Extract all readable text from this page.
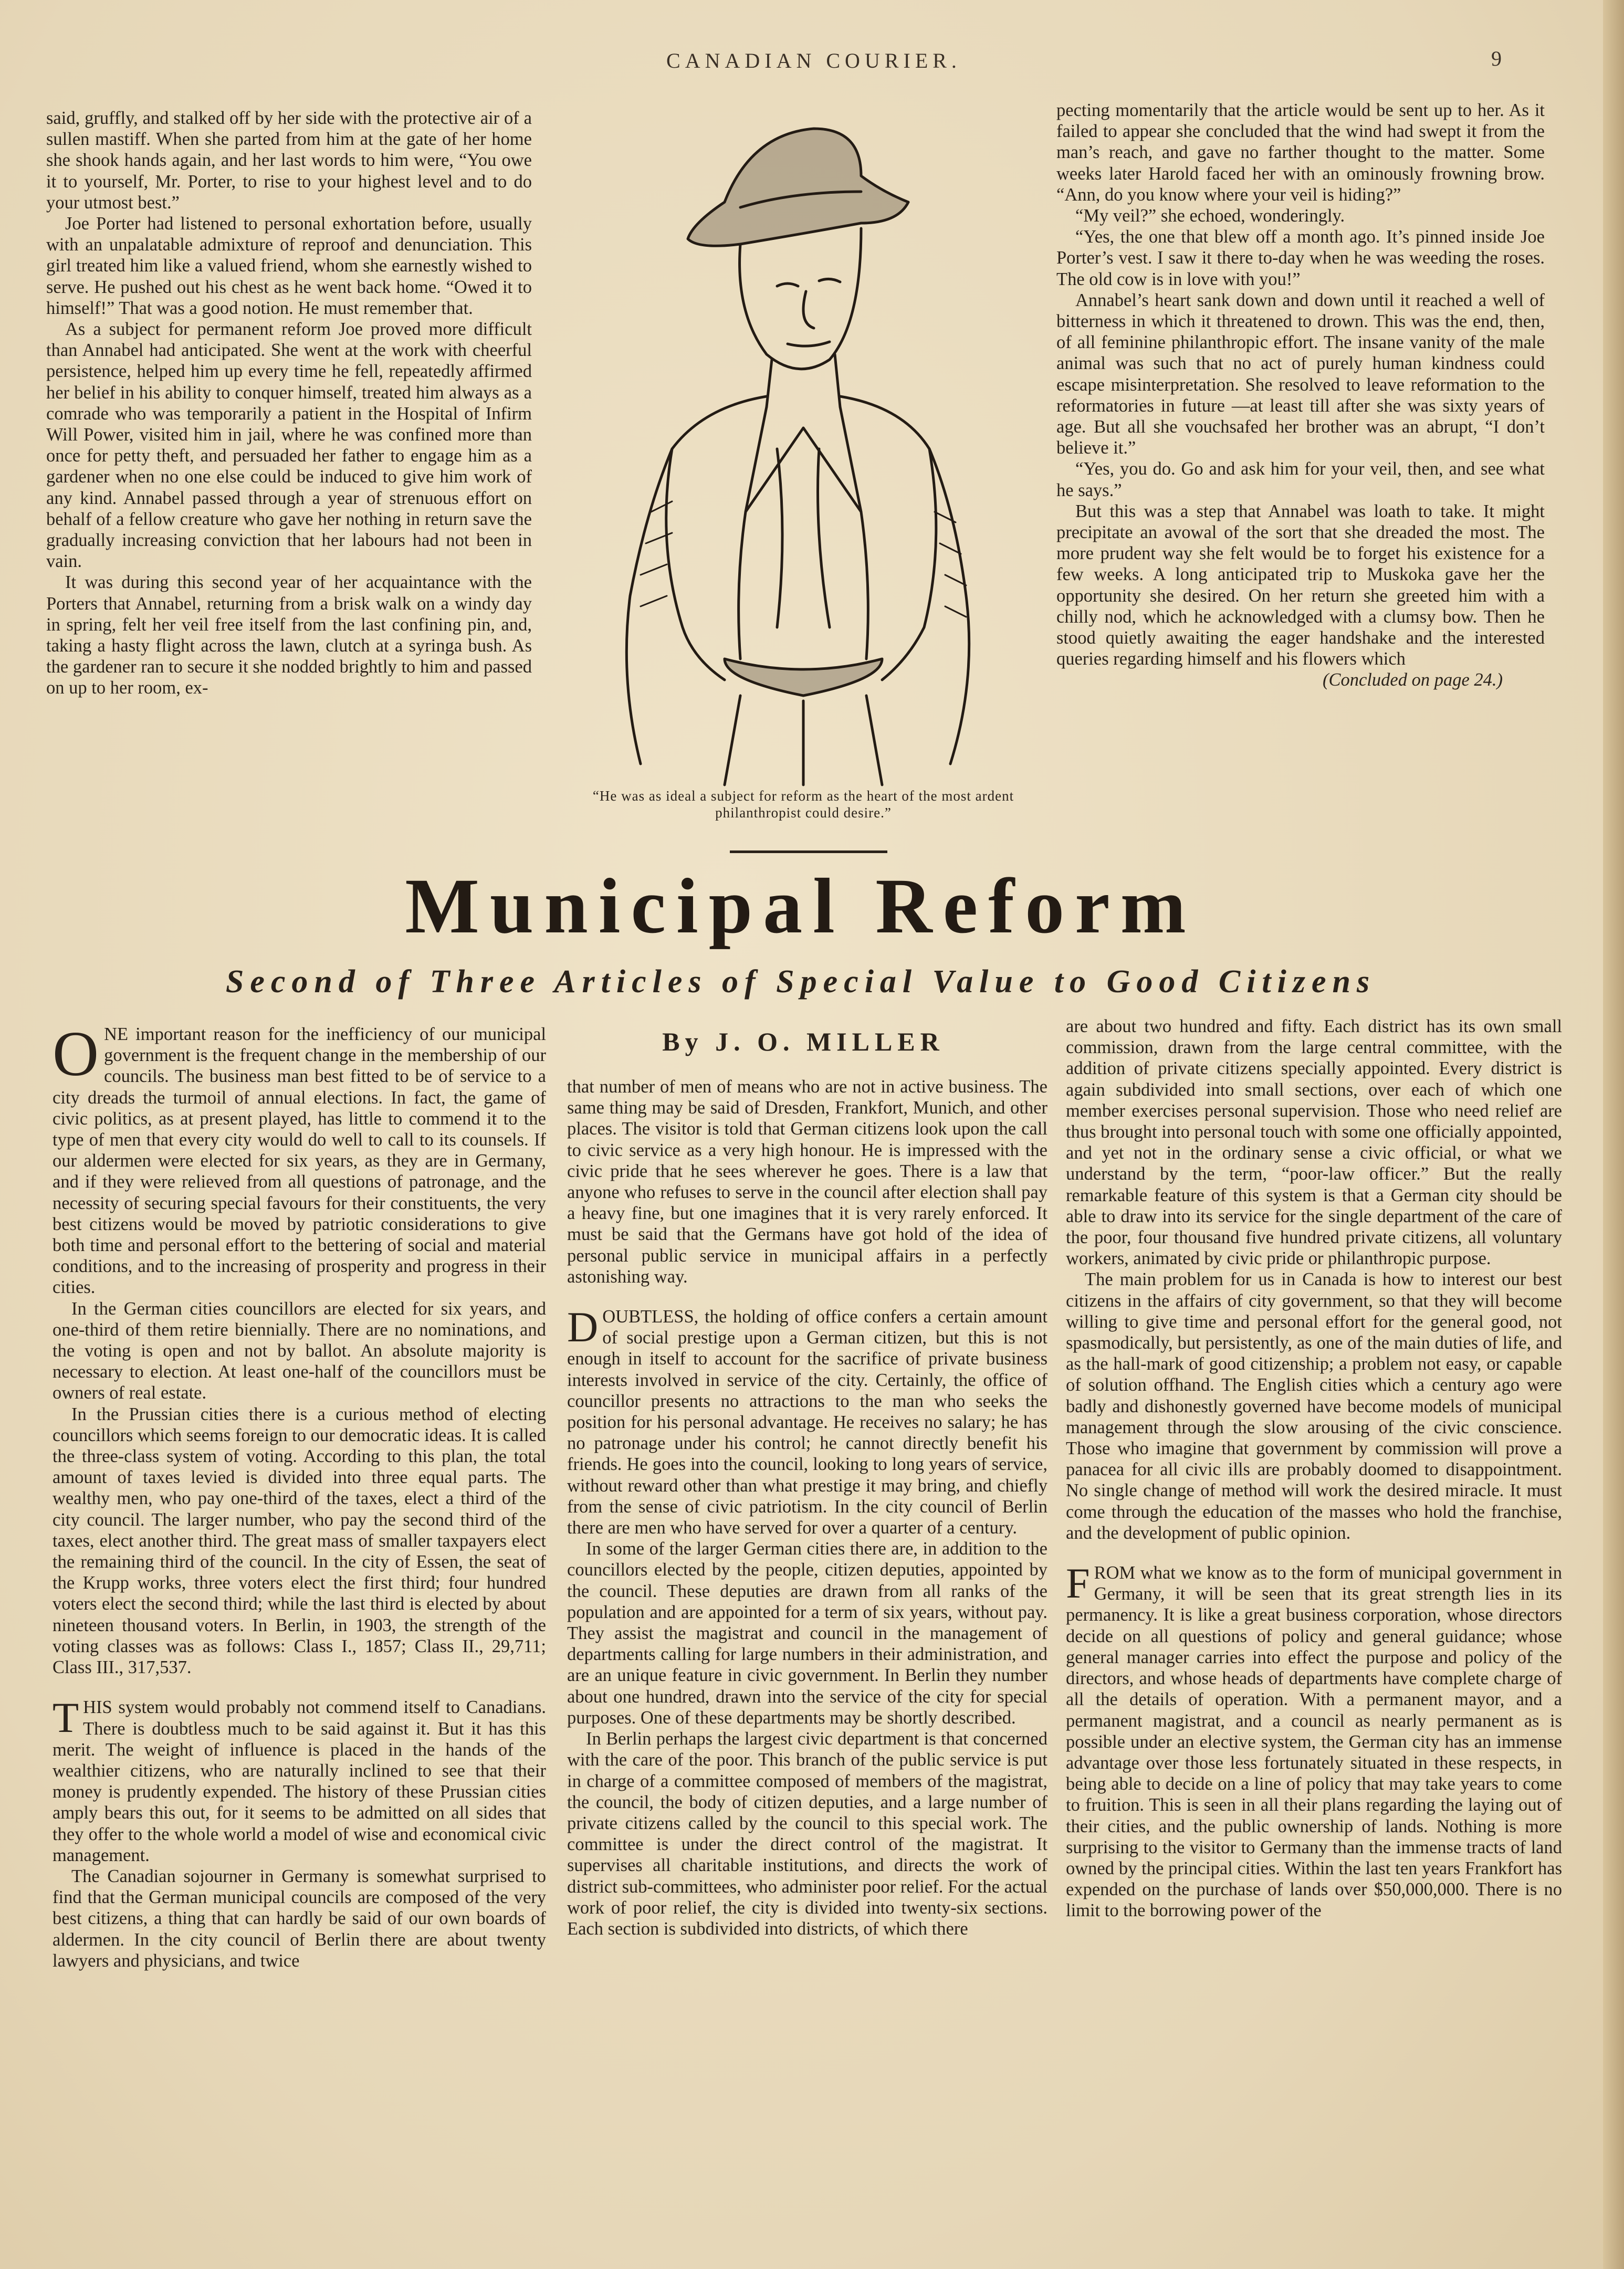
CANADIAN COURIER.	9

said, gruffly, and stalked off by her side with the protective air of a sullen mastiff. When she parted from him at the gate of her home she shook hands again, and her last words to him were, “You owe it to yourself, Mr. Porter, to rise to your highest level and to do your utmost best.”

Joe Porter had listened to personal exhortation before, usually with an unpalatable admixture of reproof and denunciation. This girl treated him like a valued friend, whom she earnestly wished to serve. He pushed out his chest as he went back home. “Owed it to himself!” That was a good notion. He must remember that.

As a subject for permanent reform Joe proved more difficult than Annabel had anticipated. She went at the work with cheerful persistence, helped him up every time he fell, repeatedly affirmed her belief in his ability to conquer himself, treated him always as a comrade who was temporarily a patient in the Hospital of Infirm Will Power, visited him in jail, where he was confined more than once for petty theft, and persuaded her father to engage him as a gardener when no one else could be induced to give him work of any kind. Annabel passed through a year of strenuous effort on behalf of a fellow creature who gave her nothing in return save the gradually increasing conviction that her labours had not been in vain.

It was during this second year of her acquaintance with the Porters that Annabel, returning from a brisk walk on a windy day in spring, felt her veil free itself from the last confining pin, and, taking a hasty flight across the lawn, clutch at a syringa bush. As the gardener ran to secure it she nodded brightly to him and passed on up to her room, ex-

“He was as ideal a subject for reform as the heart of the most ardent philanthropist could desire.”

pecting momentarily that the article would be sent up to her. As it failed to appear she concluded that the wind had swept it from the man’s reach, and gave no farther thought to the matter. Some weeks later Harold faced her with an ominously frowning brow. “Ann, do you know where your veil is hiding?”

“My veil?” she echoed, wonderingly.

“Yes, the one that blew off a month ago. It’s pinned inside Joe Porter’s vest. I saw it there to-day when he was weeding the roses. The old cow is in love with you!”

Annabel’s heart sank down and down until it reached a well of bitterness in which it threatened to drown. This was the end, then, of all feminine philanthropic effort. The insane vanity of the male animal was such that no act of purely human kindness could escape misinterpretation. She resolved to leave reformation to the reformatories in future —at least till after she was sixty years of age. But all she vouchsafed her brother was an abrupt, “I don’t believe it.”

“Yes, you do. Go and ask him for your veil, then, and see what he says.”

But this was a step that Annabel was loath to take. It might precipitate an avowal of the sort that she dreaded the most. The more prudent way she felt would be to forget his existence for a few weeks. A long anticipated trip to Muskoka gave her the opportunity she desired. On her return she greeted him with a chilly nod, which he acknowledged with a clumsy bow. Then he stood quietly awaiting the eager handshake and the interested queries regarding himself and his flowers which

(Concluded on page 24.)

Municipal Reform
Second of Three Articles of Special Value to Good Citizens
By J. O. MILLER

ONE important reason for the inefficiency of our municipal government is the frequent change in the membership of our councils. The business man best fitted to be of service to a city dreads the turmoil of annual elections. In fact, the game of civic politics, as at present played, has little to commend it to the type of men that every city would do well to call to its counsels. If our aldermen were elected for six years, as they are in Germany, and if they were relieved from all questions of patronage, and the necessity of securing special favours for their constituents, the very best citizens would be moved by patriotic considerations to give both time and personal effort to the bettering of social and material conditions, and to the increasing of prosperity and progress in their cities.

In the German cities councillors are elected for six years, and one-third of them retire biennially. There are no nominations, and the voting is open and not by ballot. An absolute majority is necessary to election. At least one-half of the councillors must be owners of real estate.

In the Prussian cities there is a curious method of electing councillors which seems foreign to our democratic ideas. It is called the three-class system of voting. According to this plan, the total amount of taxes levied is divided into three equal parts. The wealthy men, who pay one-third of the taxes, elect a third of the city council. The larger number, who pay the second third of the taxes, elect another third. The great mass of smaller taxpayers elect the remaining third of the council. In the city of Essen, the seat of the Krupp works, three voters elect the first third; four hundred voters elect the second third; while the last third is elected by about nineteen thousand voters. In Berlin, in 1903, the strength of the voting classes was as follows: Class I., 1857; Class II., 29,711; Class III., 317,537.

THIS system would probably not commend itself to Canadians. There is doubtless much to be said against it. But it has this merit. The weight of influence is placed in the hands of the wealthier citizens, who are naturally inclined to see that their money is prudently expended. The history of these Prussian cities amply bears this out, for it seems to be admitted on all sides that they offer to the whole world a model of wise and economical civic management.

The Canadian sojourner in Germany is somewhat surprised to find that the German municipal councils are composed of the very best citizens, a thing that can hardly be said of our own boards of aldermen. In the city council of Berlin there are about twenty lawyers and physicians, and twice

that number of men of means who are not in active business. The same thing may be said of Dresden, Frankfort, Munich, and other places. The visitor is told that German citizens look upon the call to civic service as a very high honour. He is impressed with the civic pride that he sees wherever he goes. There is a law that anyone who refuses to serve in the council after election shall pay a heavy fine, but one imagines that it is very rarely enforced. It must be said that the Germans have got hold of the idea of personal public service in municipal affairs in a perfectly astonishing way.

DOUBTLESS, the holding of office confers a certain amount of social prestige upon a German citizen, but this is not enough in itself to account for the sacrifice of private business interests involved in service of the city. Certainly, the office of councillor presents no attractions to the man who seeks the position for his personal advantage. He receives no salary; he has no patronage under his control; he cannot directly benefit his friends. He goes into the council, looking to long years of service, without reward other than what prestige it may bring, and chiefly from the sense of civic patriotism. In the city council of Berlin there are men who have served for over a quarter of a century.

In some of the larger German cities there are, in addition to the councillors elected by the people, citizen deputies, appointed by the council. These deputies are drawn from all ranks of the population and are appointed for a term of six years, without pay. They assist the magistrat and council in the management of departments calling for large numbers in their administration, and are an unique feature in civic government. In Berlin they number about one hundred, drawn into the service of the city for special purposes. One of these departments may be shortly described.

In Berlin perhaps the largest civic department is that concerned with the care of the poor. This branch of the public service is put in charge of a committee composed of members of the magistrat, the council, the body of citizen deputies, and a large number of private citizens called by the council to this special work. The committee is under the direct control of the magistrat. It supervises all charitable institutions, and directs the work of district sub-committees, who administer poor relief. For the actual work of poor relief, the city is divided into twenty-six sections. Each section is subdivided into districts, of which there

are about two hundred and fifty. Each district has its own small commission, drawn from the large central committee, with the addition of private citizens specially appointed. Every district is again subdivided into small sections, over each of which one member exercises personal supervision. Those who need relief are thus brought into personal touch with some one officially appointed, and yet not in the ordinary sense a civic official, or what we understand by the term, “poor-law officer.” But the really remarkable feature of this system is that a German city should be able to draw into its service for the single department of the care of the poor, four thousand five hundred private citizens, all voluntary workers, animated by civic pride or philanthropic purpose.

The main problem for us in Canada is how to interest our best citizens in the affairs of city government, so that they will become willing to give time and personal effort for the general good, not spasmodically, but persistently, as one of the main duties of life, and as the hall-mark of good citizenship; a problem not easy, or capable of solution offhand. The English cities which a century ago were badly and dishonestly governed have become models of municipal management through the slow arousing of the civic conscience. Those who imagine that government by commission will prove a panacea for all civic ills are probably doomed to disappointment. No single change of method will work the desired miracle. It must come through the education of the masses who hold the franchise, and the development of public opinion.

FROM what we know as to the form of municipal government in Germany, it will be seen that its great strength lies in its permanency. It is like a great business corporation, whose directors decide on all questions of policy and general guidance; whose general manager carries into effect the purpose and policy of the directors, and whose heads of departments have complete charge of all the details of operation. With a permanent mayor, and a permanent magistrat, and a council as nearly permanent as is possible under an elective system, the German city has an immense advantage over those less fortunately situated in these respects, in being able to decide on a line of policy that may take years to come to fruition. This is seen in all their plans regarding the laying out of their cities, and the public ownership of lands. Nothing is more surprising to the visitor to Germany than the immense tracts of land owned by the principal cities. Within the last ten years Frankfort has expended on the purchase of lands over $50,000,000. There is no limit to the borrowing power of the
